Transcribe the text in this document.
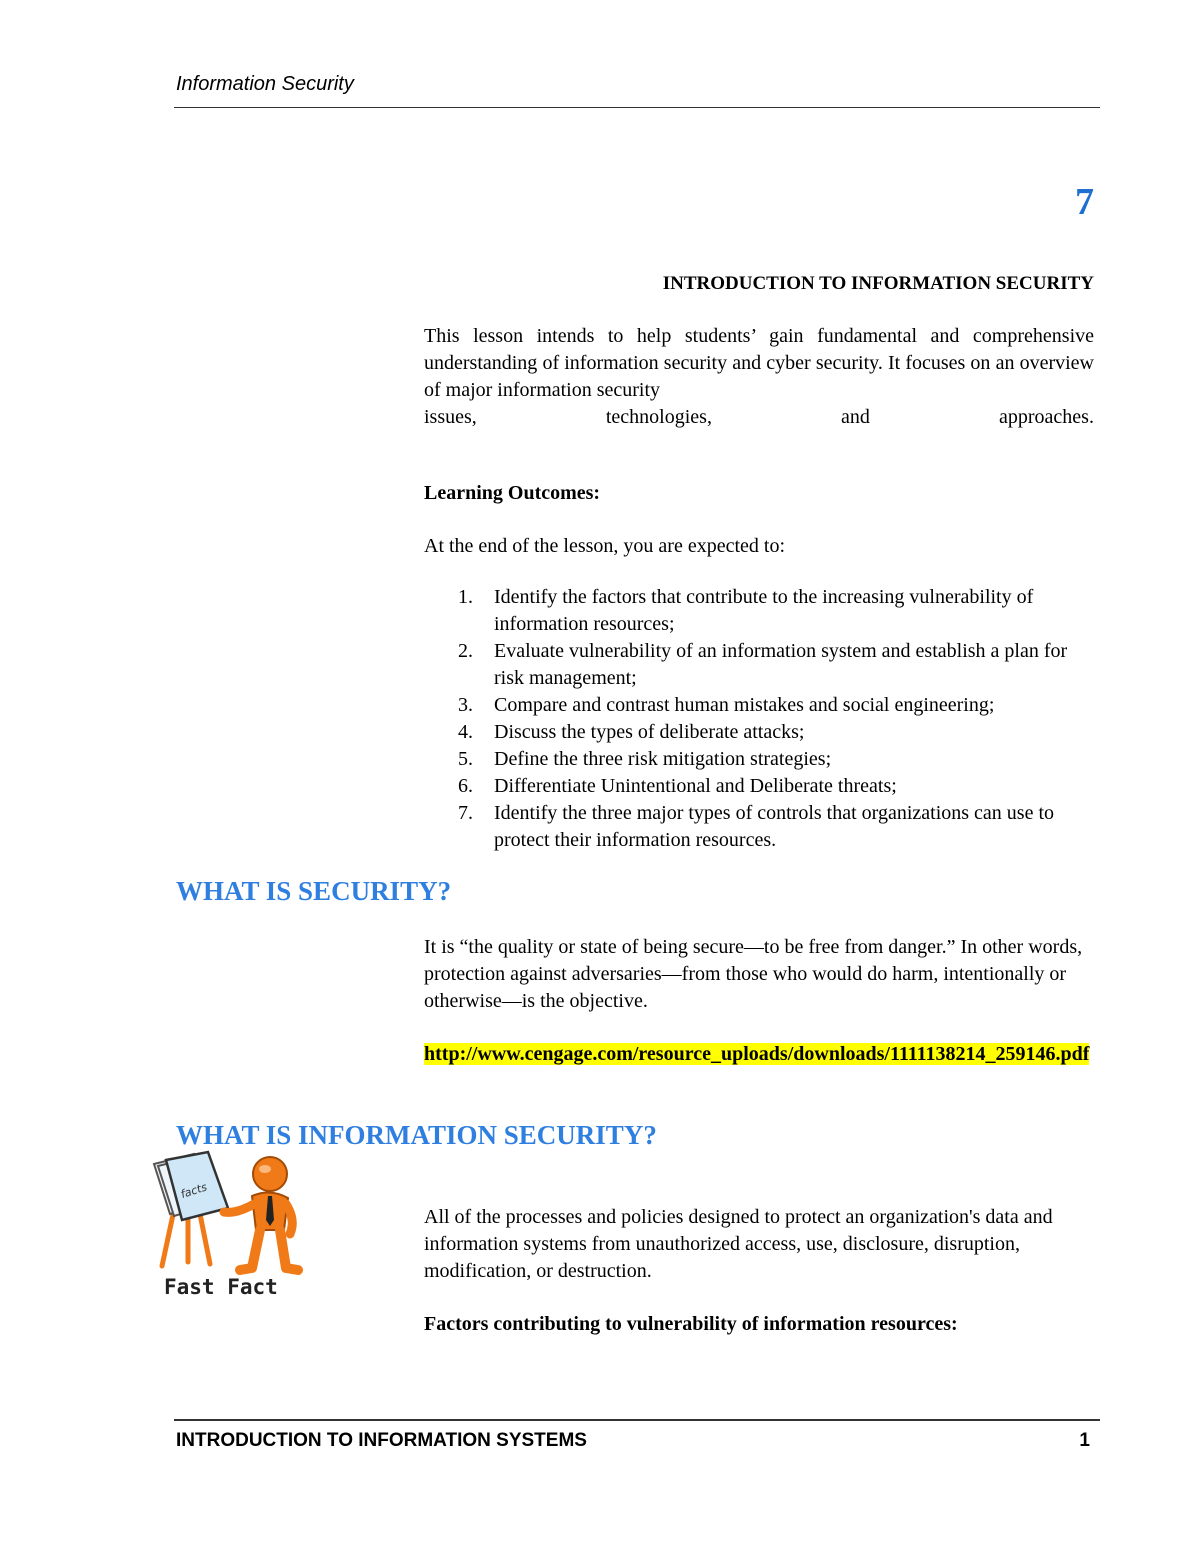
Information Security
7
INTRODUCTION TO INFORMATION SECURITY
This lesson intends to help students’ gain fundamental and comprehensive understanding of information security and cyber security. It focuses on an overview of major information security
issues,	technologies,	and	approaches.
Learning Outcomes:
At the end of the lesson, you are expected to:
1. Identify the factors that contribute to the increasing vulnerability of information resources;
2. Evaluate vulnerability of an information system and establish a plan for risk management;
3. Compare and contrast human mistakes and social engineering;
4. Discuss the types of deliberate attacks;
5. Define the three risk mitigation strategies;
6. Differentiate Unintentional and Deliberate threats;
7. Identify the three major types of controls that organizations can use to protect their information resources.
WHAT IS SECURITY?
It is “the quality or state of being secure—to be free from danger.” In other words, protection against adversaries—from those who would do harm, intentionally or otherwise—is the objective.
http://www.cengage.com/resource_uploads/downloads/1111138214_259146.pdf
WHAT IS INFORMATION SECURITY?
facts
Fast Fact
All of the processes and policies designed to protect an organization's data and information systems from unauthorized access, use, disclosure, disruption, modification, or destruction.
Factors contributing to vulnerability of information resources:
INTRODUCTION TO INFORMATION SYSTEMS	1
